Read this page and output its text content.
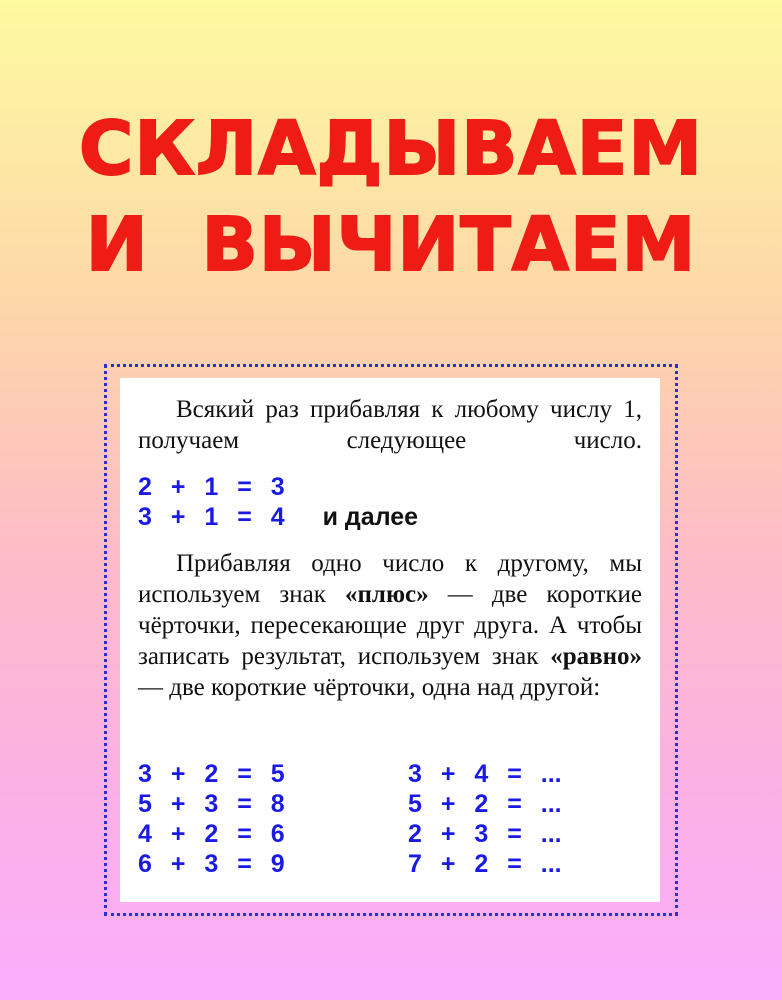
СКЛАДЫВАЕМ
И ВЫЧИТАЕМ
Всякий раз прибавляя к любому числу 1, получаем следующее число.
2 + 1 = 3
3 + 1 = 4 и далее
Прибавляя одно число к другому, мы используем знак «плюс» — две короткие чёрточки, пересекающие друг друга. А чтобы записать результат, используем знак «равно» — две короткие чёрточки, одна над другой:
3 + 2 = 5
5 + 3 = 8
4 + 2 = 6
6 + 3 = 9
3 + 4 = ...
5 + 2 = ...
2 + 3 = ...
7 + 2 = ...
